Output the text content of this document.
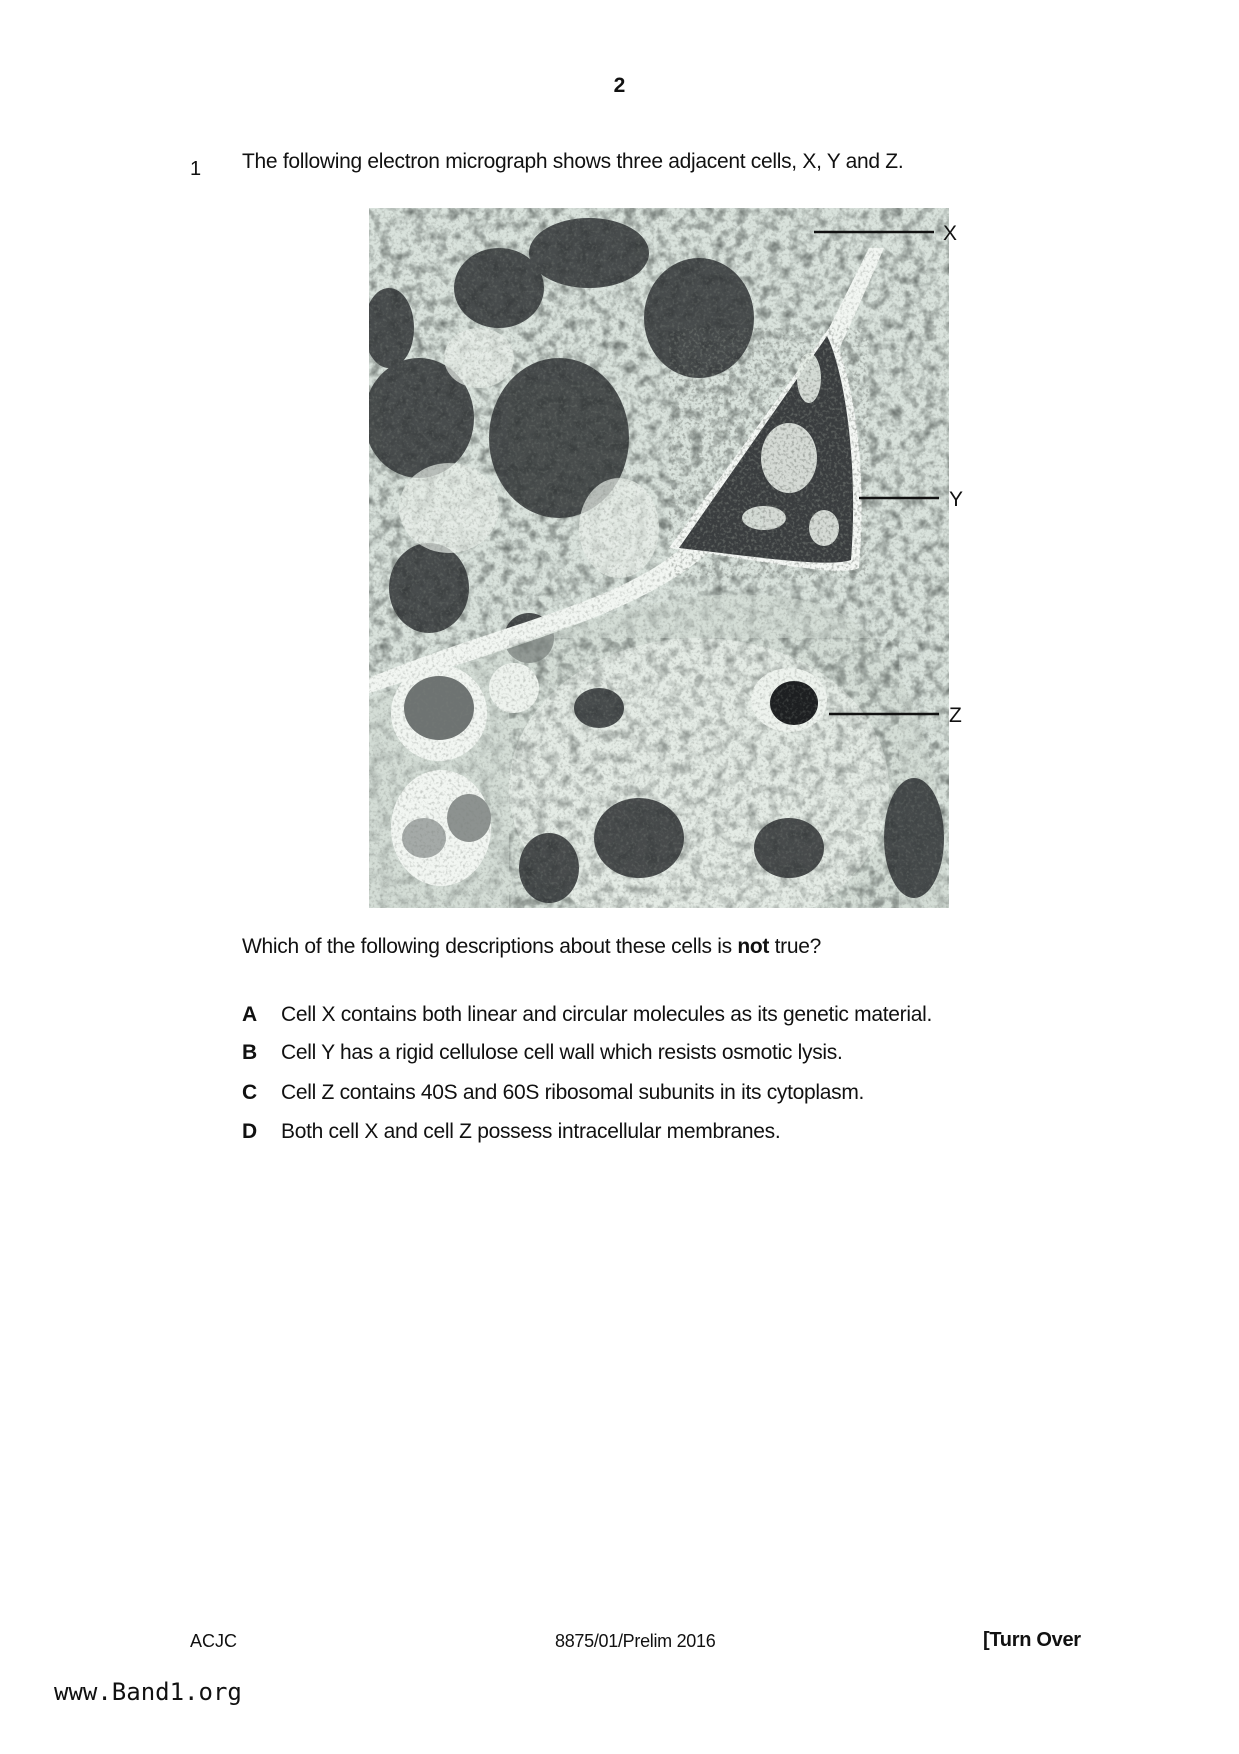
2
1 The following electron micrograph shows three adjacent cells, X, Y and Z.
X
Y
Z
Which of the following descriptions about these cells is not true?
A Cell X contains both linear and circular molecules as its genetic material.
B Cell Y has a rigid cellulose cell wall which resists osmotic lysis.
C Cell Z contains 40S and 60S ribosomal subunits in its cytoplasm.
D Both cell X and cell Z possess intracellular membranes.
ACJC	8875/01/Prelim 2016	[Turn Over
www.Band1.org
